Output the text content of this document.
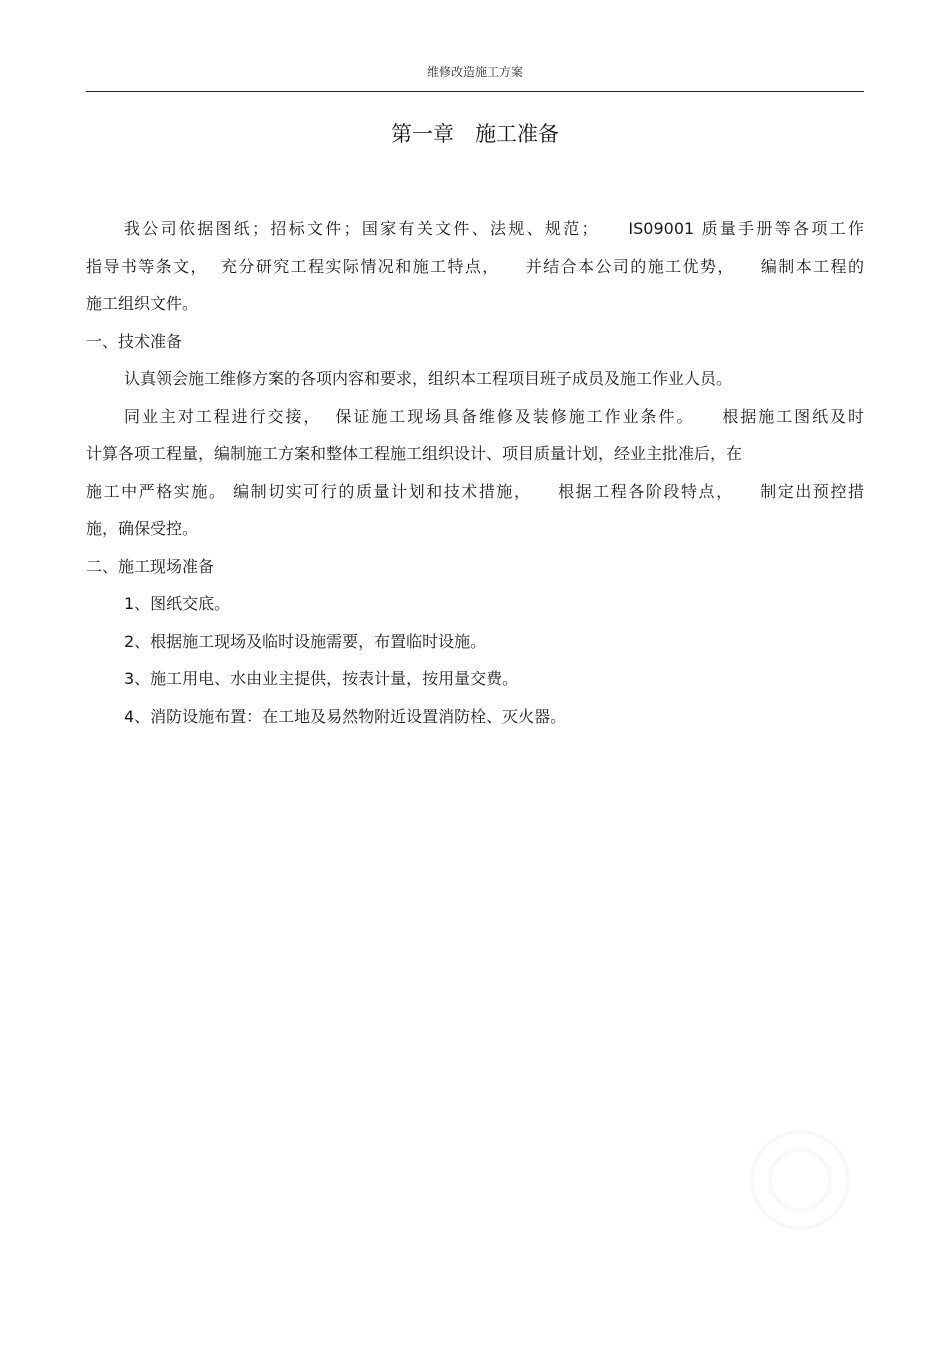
维修改造施工方案
第一章　施工准备
我公司依据图纸；招标文件；国家有关文件、法规、规范；　　IS09001 质量手册等各项工作
指导书等条文，  充分研究工程实际情况和施工特点，    并结合本公司的施工优势，    编制本工程的
施工组织文件。
一、技术准备
认真领会施工维修方案的各项内容和要求，组织本工程项目班子成员及施工作业人员。
同业主对工程进行交接，  保证施工现场具备维修及装修施工作业条件。    根据施工图纸及时
计算各项工程量，编制施工方案和整体工程施工组织设计、项目质量计划，经业主批准后，在
施工中严格实施。 编制切实可行的质量计划和技术措施，    根据工程各阶段特点，    制定出预控措
施，确保受控。
二、施工现场准备
1、图纸交底。
2、根据施工现场及临时设施需要，布置临时设施。
3、施工用电、水由业主提供，按表计量，按用量交费。
4、消防设施布置：在工地及易然物附近设置消防栓、灭火器。
